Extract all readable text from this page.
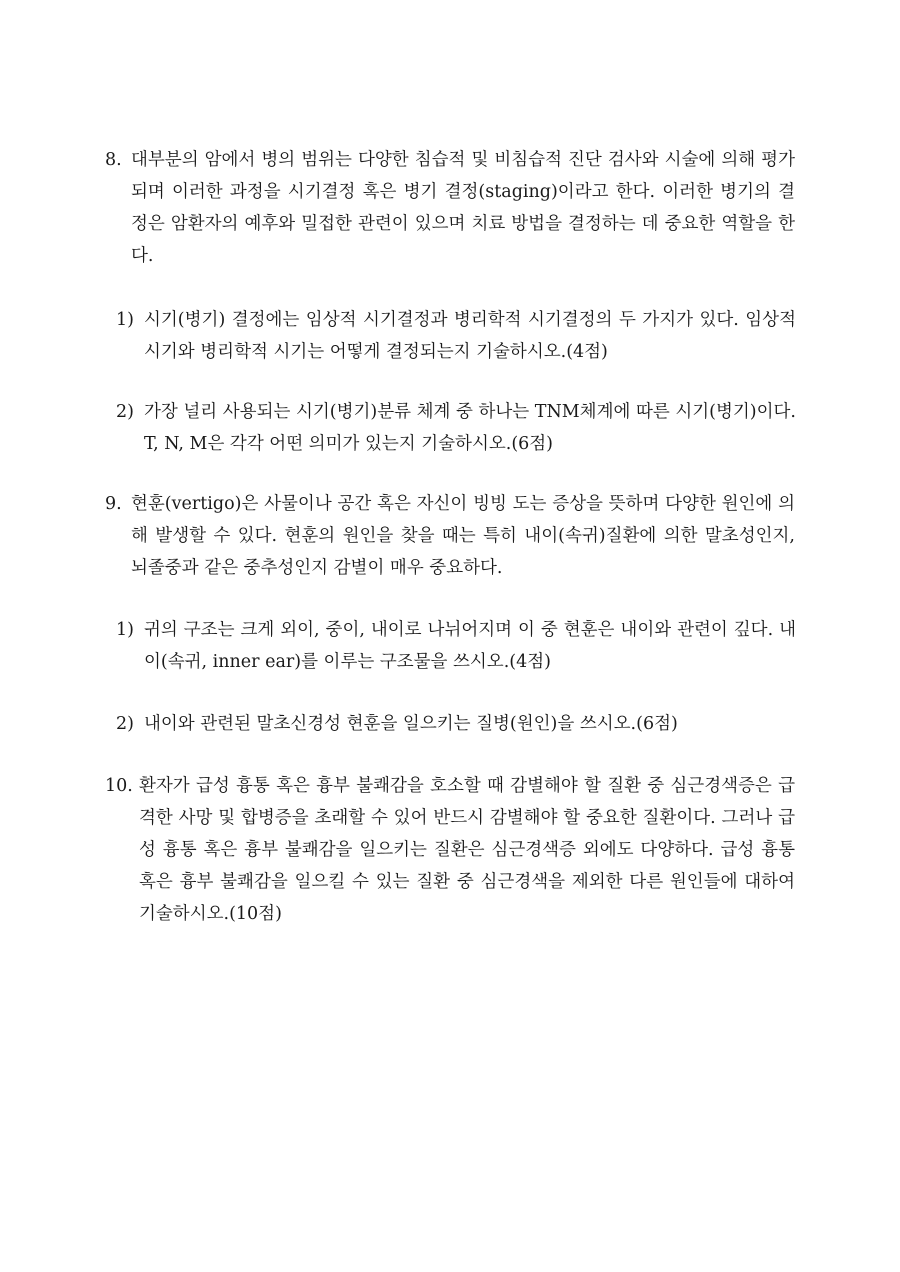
8. 대부분의 암에서 병의 범위는 다양한 침습적 및 비침습적 진단 검사와 시술에 의해 평가되며 이러한 과정을 시기결정 혹은 병기 결정(staging)이라고 한다. 이러한 병기의 결정은 암환자의 예후와 밀접한 관련이 있으며 치료 방법을 결정하는 데 중요한 역할을 한다.
1) 시기(병기) 결정에는 임상적 시기결정과 병리학적 시기결정의 두 가지가 있다. 임상적 시기와 병리학적 시기는 어떻게 결정되는지 기술하시오.(4점)
2) 가장 널리 사용되는 시기(병기)분류 체계 중 하나는 TNM체계에 따른 시기(병기)이다. T, N, M은 각각 어떤 의미가 있는지 기술하시오.(6점)
9. 현훈(vertigo)은 사물이나 공간 혹은 자신이 빙빙 도는 증상을 뜻하며 다양한 원인에 의해 발생할 수 있다. 현훈의 원인을 찾을 때는 특히 내이(속귀)질환에 의한 말초성인지, 뇌졸중과 같은 중추성인지 감별이 매우 중요하다.
1) 귀의 구조는 크게 외이, 중이, 내이로 나뉘어지며 이 중 현훈은 내이와 관련이 깊다. 내이(속귀, inner ear)를 이루는 구조물을 쓰시오.(4점)
2) 내이와 관련된 말초신경성 현훈을 일으키는 질병(원인)을 쓰시오.(6점)
10. 환자가 급성 흉통 혹은 흉부 불쾌감을 호소할 때 감별해야 할 질환 중 심근경색증은 급격한 사망 및 합병증을 초래할 수 있어 반드시 감별해야 할 중요한 질환이다. 그러나 급성 흉통 혹은 흉부 불쾌감을 일으키는 질환은 심근경색증 외에도 다양하다. 급성 흉통 혹은 흉부 불쾌감을 일으킬 수 있는 질환 중 심근경색을 제외한 다른 원인들에 대하여 기술하시오.(10점)
